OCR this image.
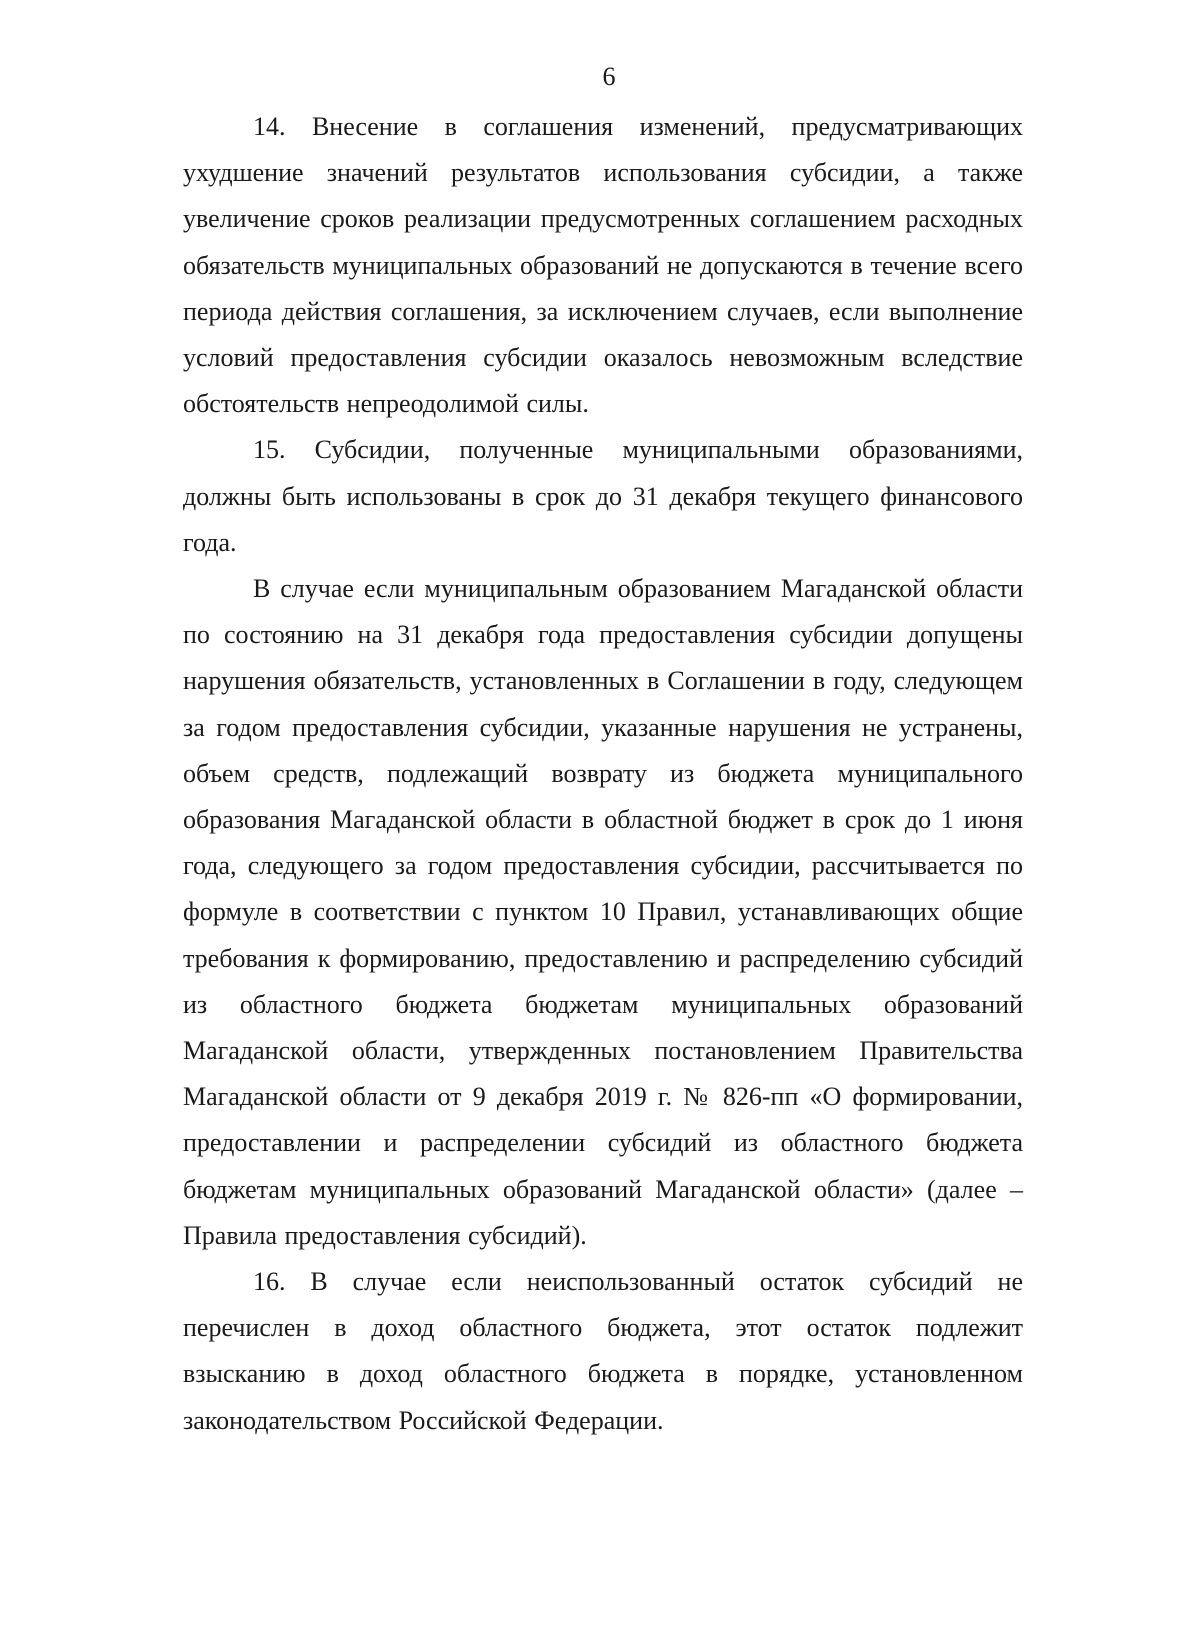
6

14. Внесение в соглашения изменений, предусматривающих ухудшение значений результатов использования субсидии, а также увеличение сроков реализации предусмотренных соглашением расходных обязательств муниципальных образований не допускаются в течение всего периода действия соглашения, за исключением случаев, если выполнение условий предоставления субсидии оказалось невозможным вследствие обстоятельств непреодолимой силы.

15. Субсидии, полученные муниципальными образованиями, должны быть использованы в срок до 31 декабря текущего финансового года.

В случае если муниципальным образованием Магаданской области по состоянию на 31 декабря года предоставления субсидии допущены нарушения обязательств, установленных в Соглашении в году, следующем за годом предоставления субсидии, указанные нарушения не устранены, объем средств, подлежащий возврату из бюджета муниципального образования Магаданской области в областной бюджет в срок до 1 июня года, следующего за годом предоставления субсидии, рассчитывается по формуле в соответствии с пунктом 10 Правил, устанавливающих общие требования к формированию, предоставлению и распределению субсидий из областного бюджета бюджетам муниципальных образований Магаданской области, утвержденных постановлением Правительства Магаданской области от 9 декабря 2019 г. № 826-пп «О формировании, предоставлении и распределении субсидий из областного бюджета бюджетам муниципальных образований Магаданской области» (далее – Правила предоставления субсидий).

16. В случае если неиспользованный остаток субсидий не перечислен в доход областного бюджета, этот остаток подлежит взысканию в доход областного бюджета в порядке, установленном законодательством Российской Федерации.
